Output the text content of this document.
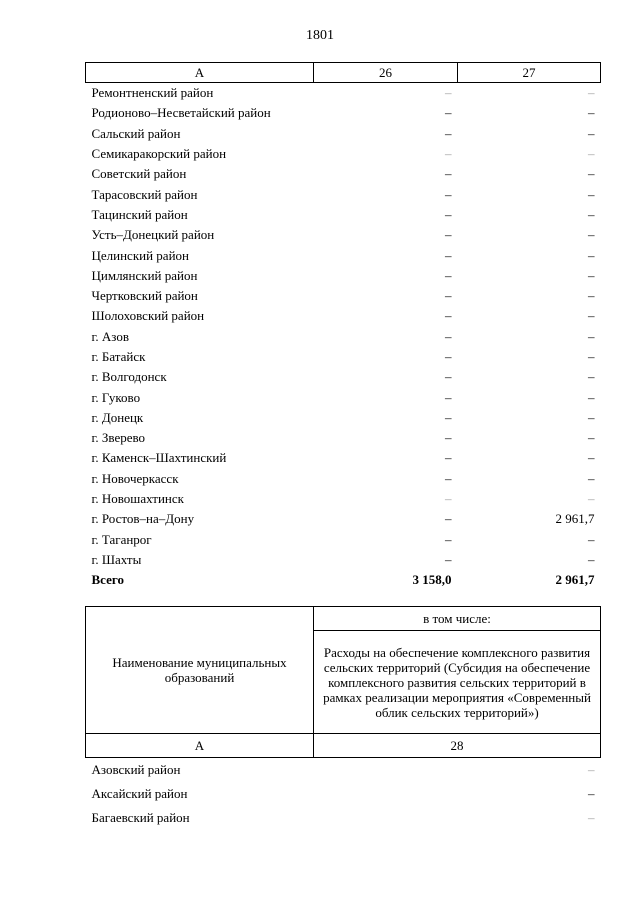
1801
А	26	27
Ремонтненский район	–	–
Родионово–Несветайский район	–	–
Сальский район	–	–
Семикаракорский район	–	–
Советский район	–	–
Тарасовский район	–	–
Тацинский район	–	–
Усть–Донецкий район	–	–
Целинский район	–	–
Цимлянский район	–	–
Чертковский район	–	–
Шолоховский район	–	–
г. Азов	–	–
г. Батайск	–	–
г. Волгодонск	–	–
г. Гуково	–	–
г. Донецк	–	–
г. Зверево	–	–
г. Каменск–Шахтинский	–	–
г. Новочеркасск	–	–
г. Новошахтинск	–	–
г. Ростов–на–Дону	–	2 961,7
г. Таганрог	–	–
г. Шахты	–	–
Всего	3 158,0	2 961,7
Наименование муниципальных образований	в том числе:
	Расходы на обеспечение комплексного развития сельских территорий (Субсидия на обеспечение комплексного развития сельских территорий в рамках реализации мероприятия «Современный облик сельских территорий»)
А	28
Азовский район	–
Аксайский район	–
Багаевский район	–
